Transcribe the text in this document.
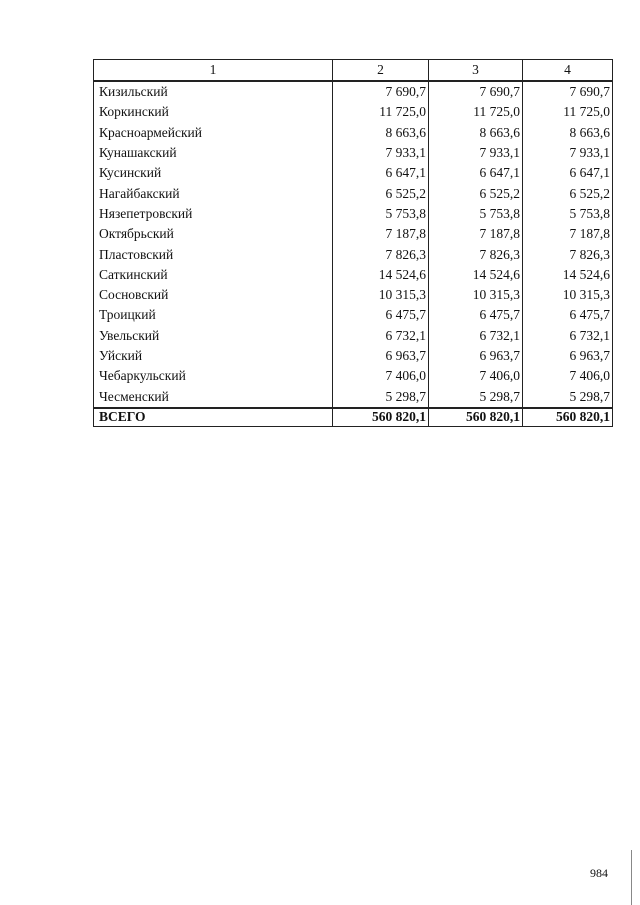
1	2	3	4
Кизильский	7 690,7	7 690,7	7 690,7
Коркинский	11 725,0	11 725,0	11 725,0
Красноармейский	8 663,6	8 663,6	8 663,6
Кунашакский	7 933,1	7 933,1	7 933,1
Кусинский	6 647,1	6 647,1	6 647,1
Нагайбакский	6 525,2	6 525,2	6 525,2
Нязепетровский	5 753,8	5 753,8	5 753,8
Октябрьский	7 187,8	7 187,8	7 187,8
Пластовский	7 826,3	7 826,3	7 826,3
Саткинский	14 524,6	14 524,6	14 524,6
Сосновский	10 315,3	10 315,3	10 315,3
Троицкий	6 475,7	6 475,7	6 475,7
Увельский	6 732,1	6 732,1	6 732,1
Уйский	6 963,7	6 963,7	6 963,7
Чебаркульский	7 406,0	7 406,0	7 406,0
Чесменский	5 298,7	5 298,7	5 298,7
ВСЕГО	560 820,1	560 820,1	560 820,1
984
